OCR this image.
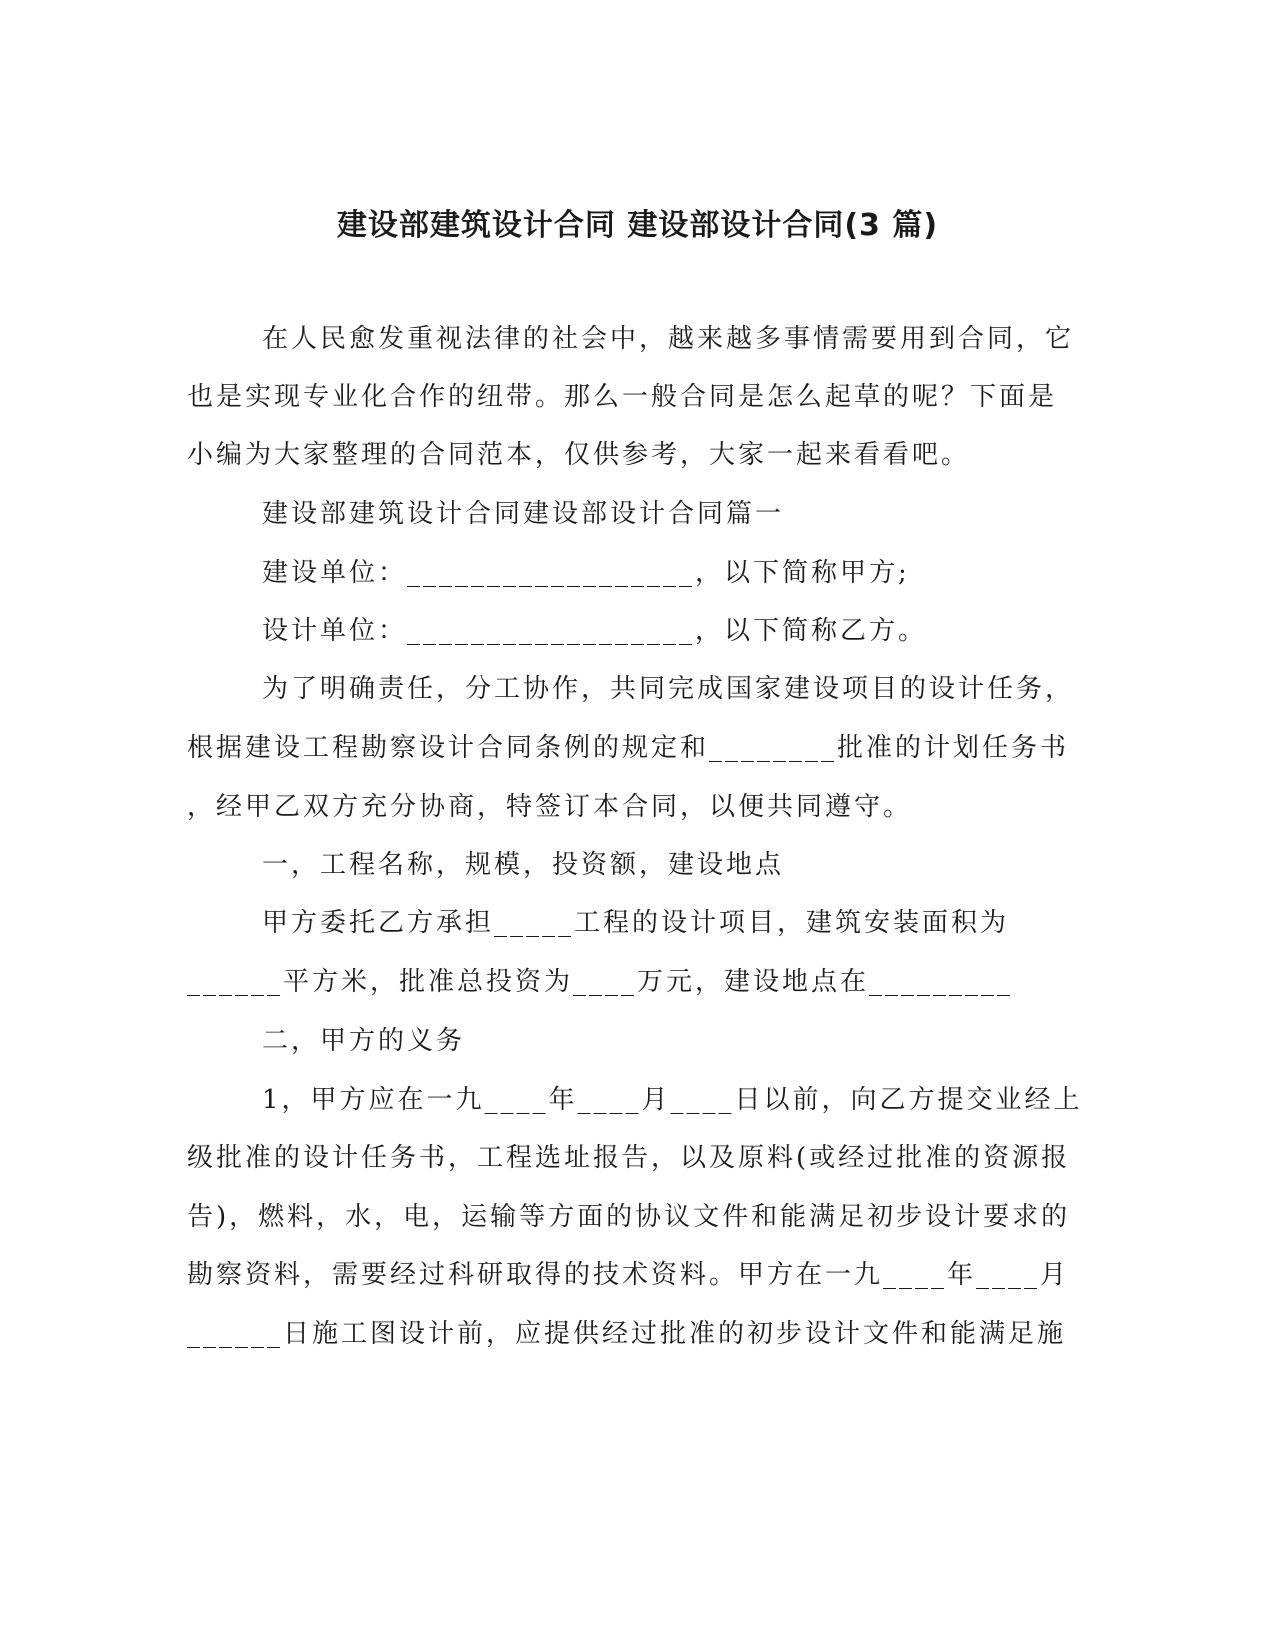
建设部建筑设计合同 建设部设计合同(3 篇)
在人民愈发重视法律的社会中，越来越多事情需要用到合同，它
也是实现专业化合作的纽带。那么一般合同是怎么起草的呢？下面是
小编为大家整理的合同范本，仅供参考，大家一起来看看吧。
建设部建筑设计合同建设部设计合同篇一
建设单位：__________________，以下简称甲方;
设计单位：__________________，以下简称乙方。
为了明确责任，分工协作，共同完成国家建设项目的设计任务，
根据建设工程勘察设计合同条例的规定和________批准的计划任务书
，经甲乙双方充分协商，特签订本合同，以便共同遵守。
一，工程名称，规模，投资额，建设地点
甲方委托乙方承担_____工程的设计项目，建筑安装面积为
______平方米，批准总投资为____万元，建设地点在_________
二，甲方的义务
1，甲方应在一九____年____月____日以前，向乙方提交业经上
级批准的设计任务书，工程选址报告，以及原料(或经过批准的资源报
告)，燃料，水，电，运输等方面的协议文件和能满足初步设计要求的
勘察资料，需要经过科研取得的技术资料。甲方在一九____年____月
______日施工图设计前，应提供经过批准的初步设计文件和能满足施
